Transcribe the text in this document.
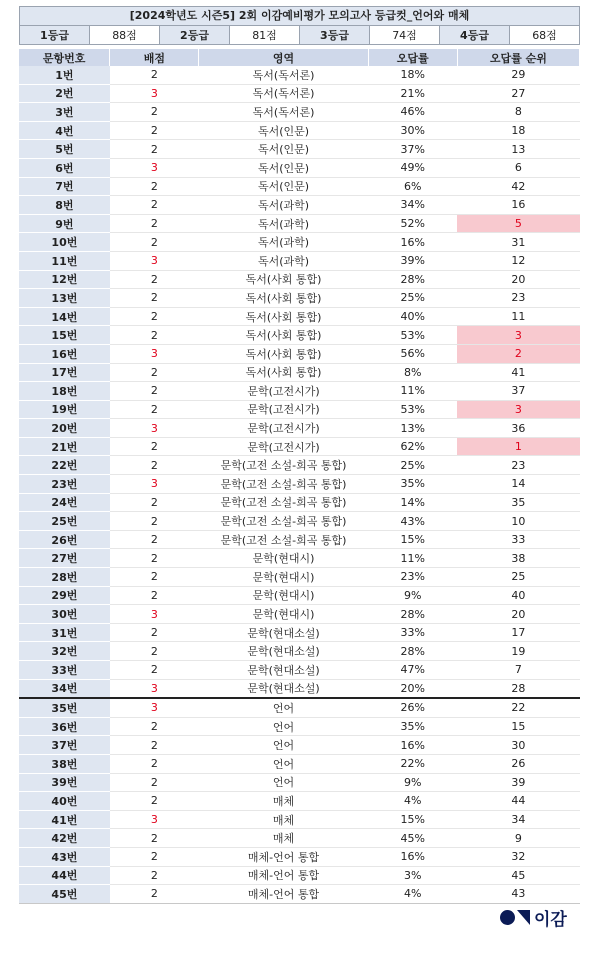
[2024학년도 시즌5] 2회 이감예비평가 모의고사 등급컷_언어와 매체
1등급	88점	2등급	81점	3등급	74점	4등급	68점
문항번호	배점	영역	오답률	오답률 순위
1번	2	독서(독서론)	18%	29
2번	3	독서(독서론)	21%	27
3번	2	독서(독서론)	46%	8
4번	2	독서(인문)	30%	18
5번	2	독서(인문)	37%	13
6번	3	독서(인문)	49%	6
7번	2	독서(인문)	6%	42
8번	2	독서(과학)	34%	16
9번	2	독서(과학)	52%	5
10번	2	독서(과학)	16%	31
11번	3	독서(과학)	39%	12
12번	2	독서(사회 통합)	28%	20
13번	2	독서(사회 통합)	25%	23
14번	2	독서(사회 통합)	40%	11
15번	2	독서(사회 통합)	53%	3
16번	3	독서(사회 통합)	56%	2
17번	2	독서(사회 통합)	8%	41
18번	2	문학(고전시가)	11%	37
19번	2	문학(고전시가)	53%	3
20번	3	문학(고전시가)	13%	36
21번	2	문학(고전시가)	62%	1
22번	2	문학(고전 소설-희곡 통합)	25%	23
23번	3	문학(고전 소설-희곡 통합)	35%	14
24번	2	문학(고전 소설-희곡 통합)	14%	35
25번	2	문학(고전 소설-희곡 통합)	43%	10
26번	2	문학(고전 소설-희곡 통합)	15%	33
27번	2	문학(현대시)	11%	38
28번	2	문학(현대시)	23%	25
29번	2	문학(현대시)	9%	40
30번	3	문학(현대시)	28%	20
31번	2	문학(현대소설)	33%	17
32번	2	문학(현대소설)	28%	19
33번	2	문학(현대소설)	47%	7
34번	3	문학(현대소설)	20%	28
35번	3	언어	26%	22
36번	2	언어	35%	15
37번	2	언어	16%	30
38번	2	언어	22%	26
39번	2	언어	9%	39
40번	2	매체	4%	44
41번	3	매체	15%	34
42번	2	매체	45%	9
43번	2	매체-언어 통합	16%	32
44번	2	매체-언어 통합	3%	45
45번	2	매체-언어 통합	4%	43
이감
